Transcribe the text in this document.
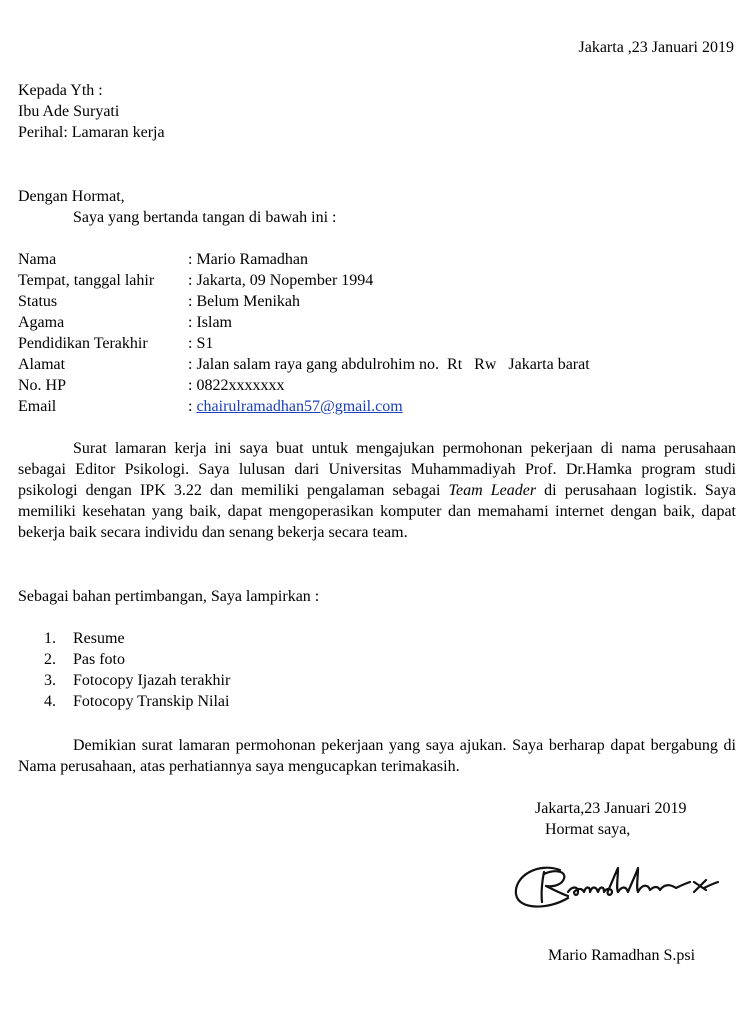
Jakarta ,23 Januari 2019
Kepada Yth :
Ibu Ade Suryati
Perihal: Lamaran kerja
Dengan Hormat,
Saya yang bertanda tangan di bawah ini :
Nama	: Mario Ramadhan
Tempat, tanggal lahir : Jakarta, 09 Nopember 1994
Status	: Belum Menikah
Agama	: Islam
Pendidikan Terakhir	: S1
Alamat	: Jalan salam raya gang abdulrohim no.  Rt   Rw   Jakarta barat
No. HP	: 0822xxxxxxx
Email	: chairulramadhan57@gmail.com
Surat lamaran kerja ini saya buat untuk mengajukan permohonan pekerjaan di nama perusahaan sebagai Editor Psikologi. Saya lulusan dari Universitas Muhammadiyah Prof. Dr.Hamka program studi psikologi dengan IPK 3.22 dan memiliki pengalaman sebagai Team Leader di perusahaan logistik. Saya memiliki kesehatan yang baik, dapat mengoperasikan komputer dan memahami internet dengan baik, dapat bekerja baik secara individu dan senang bekerja secara team.
Sebagai bahan pertimbangan, Saya lampirkan :
1. Resume
2. Pas foto
3. Fotocopy Ijazah terakhir
4. Fotocopy Transkip Nilai
Demikian surat lamaran permohonan pekerjaan yang saya ajukan. Saya berharap dapat bergabung di Nama perusahaan, atas perhatiannya saya mengucapkan terimakasih.
Jakarta,23 Januari 2019
Hormat saya,
Mario Ramadhan S.psi
